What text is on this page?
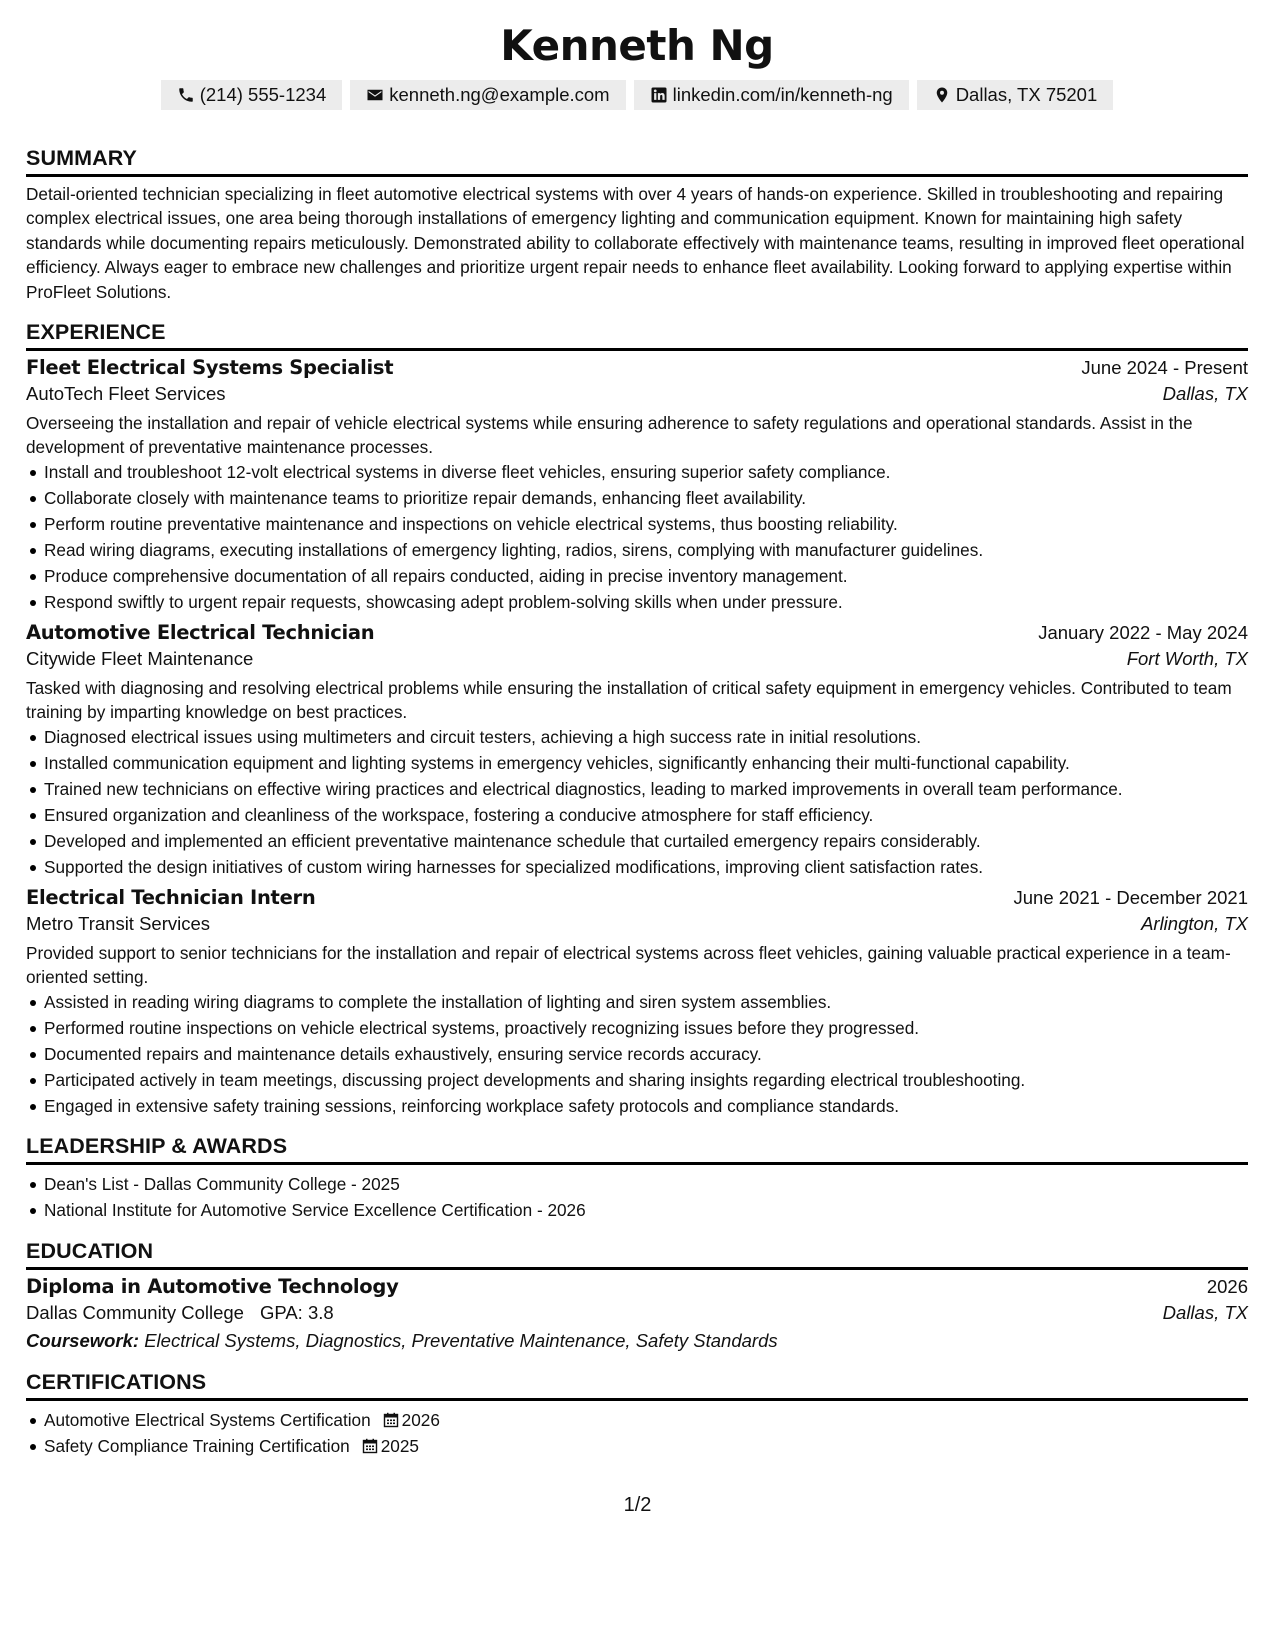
Kenneth Ng
(214) 555-1234	kenneth.ng@example.com	linkedin.com/in/kenneth-ng	Dallas, TX 75201
SUMMARY

Detail-oriented technician specializing in fleet automotive electrical systems with over 4 years of hands-on experience. Skilled in troubleshooting and repairing complex electrical issues, one area being thorough installations of emergency lighting and communication equipment. Known for maintaining high safety standards while documenting repairs meticulously. Demonstrated ability to collaborate effectively with maintenance teams, resulting in improved fleet operational efficiency. Always eager to embrace new challenges and prioritize urgent repair needs to enhance fleet availability. Looking forward to applying expertise within ProFleet Solutions.

EXPERIENCE
Fleet Electrical Systems Specialist	June 2024 - Present
AutoTech Fleet Services	Dallas, TX

Overseeing the installation and repair of vehicle electrical systems while ensuring adherence to safety regulations and operational standards. Assist in the development of preventative maintenance processes.

Install and troubleshoot 12-volt electrical systems in diverse fleet vehicles, ensuring superior safety compliance.
Collaborate closely with maintenance teams to prioritize repair demands, enhancing fleet availability.
Perform routine preventative maintenance and inspections on vehicle electrical systems, thus boosting reliability.
Read wiring diagrams, executing installations of emergency lighting, radios, sirens, complying with manufacturer guidelines.
Produce comprehensive documentation of all repairs conducted, aiding in precise inventory management.
Respond swiftly to urgent repair requests, showcasing adept problem-solving skills when under pressure.
Automotive Electrical Technician	January 2022 - May 2024
Citywide Fleet Maintenance	Fort Worth, TX

Tasked with diagnosing and resolving electrical problems while ensuring the installation of critical safety equipment in emergency vehicles. Contributed to team training by imparting knowledge on best practices.

Diagnosed electrical issues using multimeters and circuit testers, achieving a high success rate in initial resolutions.
Installed communication equipment and lighting systems in emergency vehicles, significantly enhancing their multi-functional capability.
Trained new technicians on effective wiring practices and electrical diagnostics, leading to marked improvements in overall team performance.
Ensured organization and cleanliness of the workspace, fostering a conducive atmosphere for staff efficiency.
Developed and implemented an efficient preventative maintenance schedule that curtailed emergency repairs considerably.
Supported the design initiatives of custom wiring harnesses for specialized modifications, improving client satisfaction rates.
Electrical Technician Intern	June 2021 - December 2021
Metro Transit Services	Arlington, TX

Provided support to senior technicians for the installation and repair of electrical systems across fleet vehicles, gaining valuable practical experience in a team-oriented setting.

Assisted in reading wiring diagrams to complete the installation of lighting and siren system assemblies.
Performed routine inspections on vehicle electrical systems, proactively recognizing issues before they progressed.
Documented repairs and maintenance details exhaustively, ensuring service records accuracy.
Participated actively in team meetings, discussing project developments and sharing insights regarding electrical troubleshooting.
Engaged in extensive safety training sessions, reinforcing workplace safety protocols and compliance standards.
LEADERSHIP & AWARDS
Dean's List - Dallas Community College - 2025
National Institute for Automotive Service Excellence Certification - 2026
EDUCATION
Diploma in Automotive Technology	2026
Dallas Community College GPA: 3.8	Dallas, TX
Coursework: Electrical Systems, Diagnostics, Preventative Maintenance, Safety Standards
CERTIFICATIONS
Automotive Electrical Systems Certification 2026
Safety Compliance Training Certification 2025
1/2
